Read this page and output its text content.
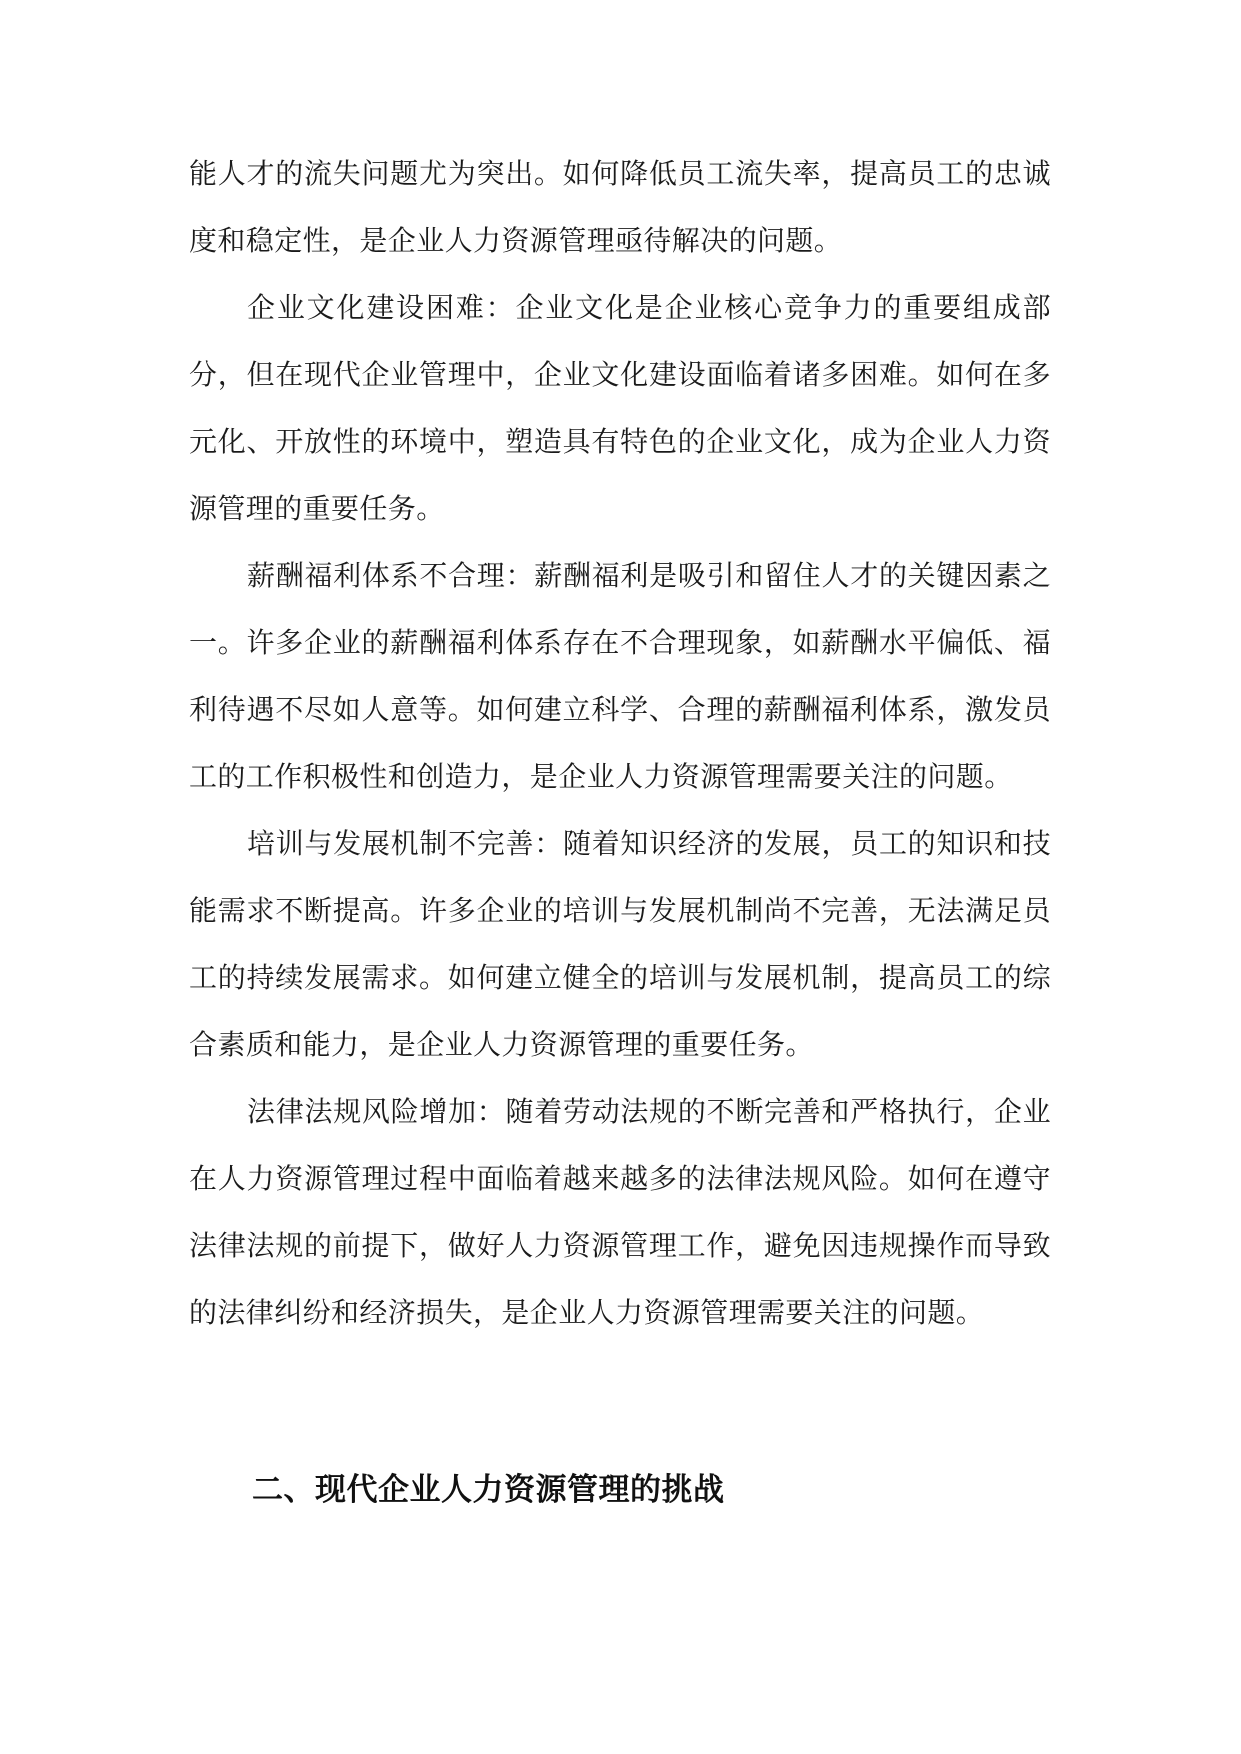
能人才的流失问题尤为突出。如何降低员工流失率，提高员工的忠诚度和稳定性，是企业人力资源管理亟待解决的问题。

企业文化建设困难：企业文化是企业核心竞争力的重要组成部分，但在现代企业管理中，企业文化建设面临着诸多困难。如何在多元化、开放性的环境中，塑造具有特色的企业文化，成为企业人力资源管理的重要任务。

薪酬福利体系不合理：薪酬福利是吸引和留住人才的关键因素之一。许多企业的薪酬福利体系存在不合理现象，如薪酬水平偏低、福利待遇不尽如人意等。如何建立科学、合理的薪酬福利体系，激发员工的工作积极性和创造力，是企业人力资源管理需要关注的问题。

培训与发展机制不完善：随着知识经济的发展，员工的知识和技能需求不断提高。许多企业的培训与发展机制尚不完善，无法满足员工的持续发展需求。如何建立健全的培训与发展机制，提高员工的综合素质和能力，是企业人力资源管理的重要任务。

法律法规风险增加：随着劳动法规的不断完善和严格执行，企业在人力资源管理过程中面临着越来越多的法律法规风险。如何在遵守法律法规的前提下，做好人力资源管理工作，避免因违规操作而导致的法律纠纷和经济损失，是企业人力资源管理需要关注的问题。

二、现代企业人力资源管理的挑战
